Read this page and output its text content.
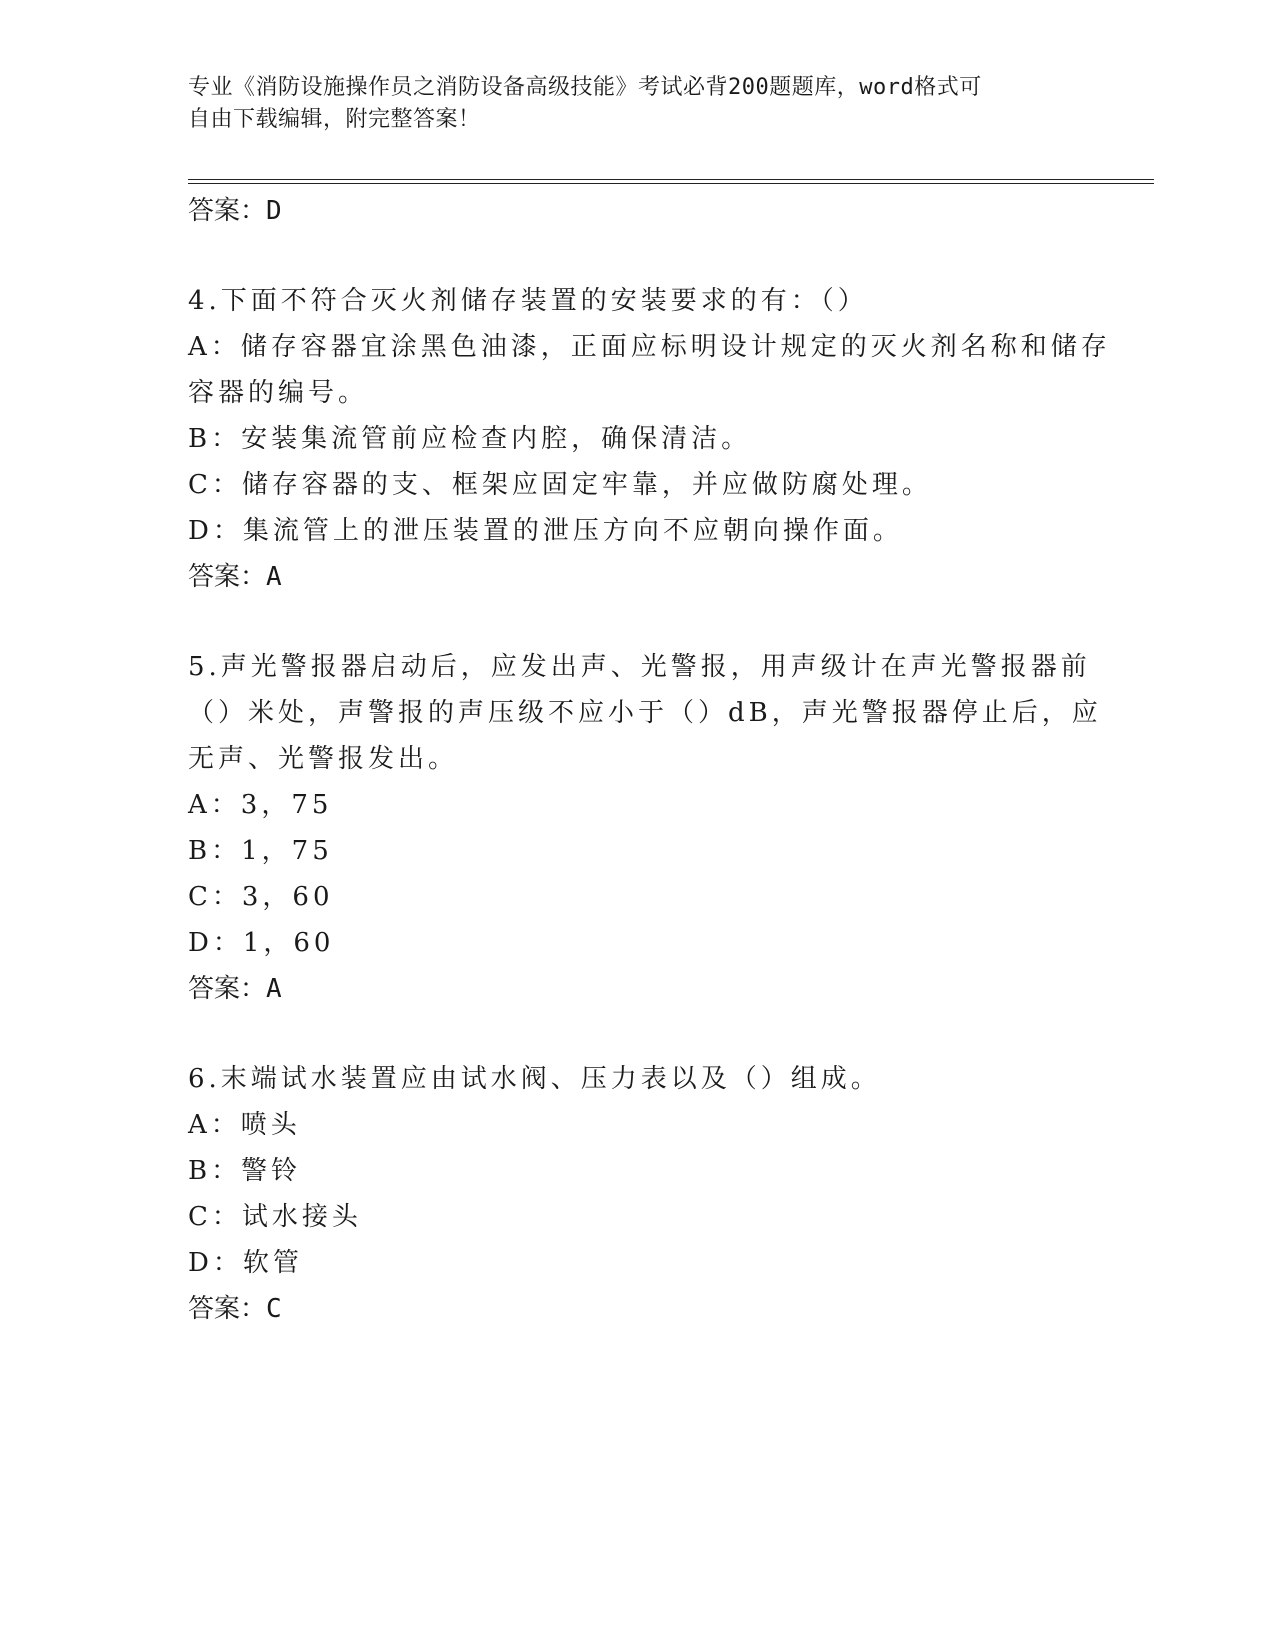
专业《消防设施操作员之消防设备高级技能》考试必背200题题库，word格式可
自由下载编辑，附完整答案！
答案：D
4.下面不符合灭火剂储存装置的安装要求的有：（）
A：储存容器宜涂黑色油漆，正面应标明设计规定的灭火剂名称和储存
容器的编号。
B：安装集流管前应检查内腔，确保清洁。
C：储存容器的支、框架应固定牢靠，并应做防腐处理。
D：集流管上的泄压装置的泄压方向不应朝向操作面。
答案：A
5.声光警报器启动后，应发出声、光警报，用声级计在声光警报器前
（）米处，声警报的声压级不应小于（）dB，声光警报器停止后，应
无声、光警报发出。
A：3，75
B：1，75
C：3，60
D：1，60
答案：A
6.末端试水装置应由试水阀、压力表以及（）组成。
A：喷头
B：警铃
C：试水接头
D：软管
答案：C
